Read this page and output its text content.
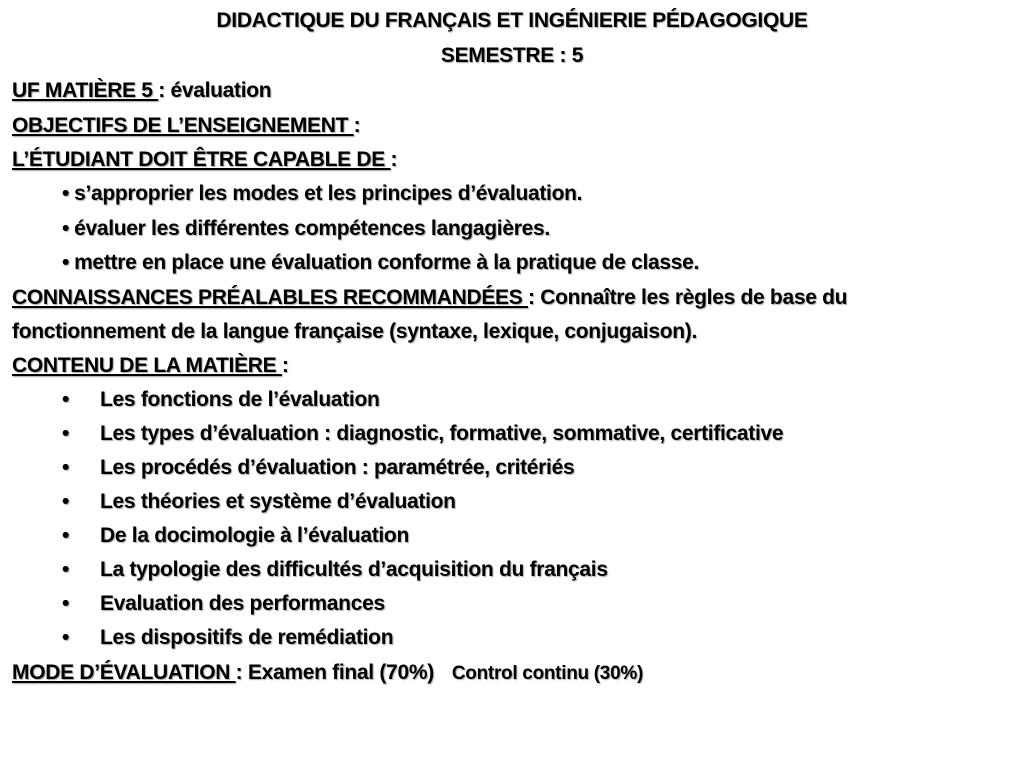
DIDACTIQUE DU FRANÇAIS ET INGÉNIERIE PÉDAGOGIQUE
SEMESTRE : 5
UF MATIÈRE 5 : évaluation
OBJECTIFS DE L’ENSEIGNEMENT :
L’ÉTUDIANT DOIT ÊTRE CAPABLE DE :
• s’approprier les modes et les principes d’évaluation.
• évaluer les différentes compétences langagières.
• mettre en place une évaluation conforme à la pratique de classe.
CONNAISSANCES PRÉALABLES RECOMMANDÉES : Connaître les règles de base du
fonctionnement de la langue française (syntaxe, lexique, conjugaison).
CONTENU DE LA MATIÈRE :
• Les fonctions de l’évaluation
• Les types d’évaluation : diagnostic, formative, sommative, certificative
• Les procédés d’évaluation : paramétrée, critériés
• Les théories et système d’évaluation
• De la docimologie à l’évaluation
• La typologie des difficultés d’acquisition du français
• Evaluation des performances
• Les dispositifs de remédiation
MODE D’ÉVALUATION : Examen final (70%) Control continu (30%)
